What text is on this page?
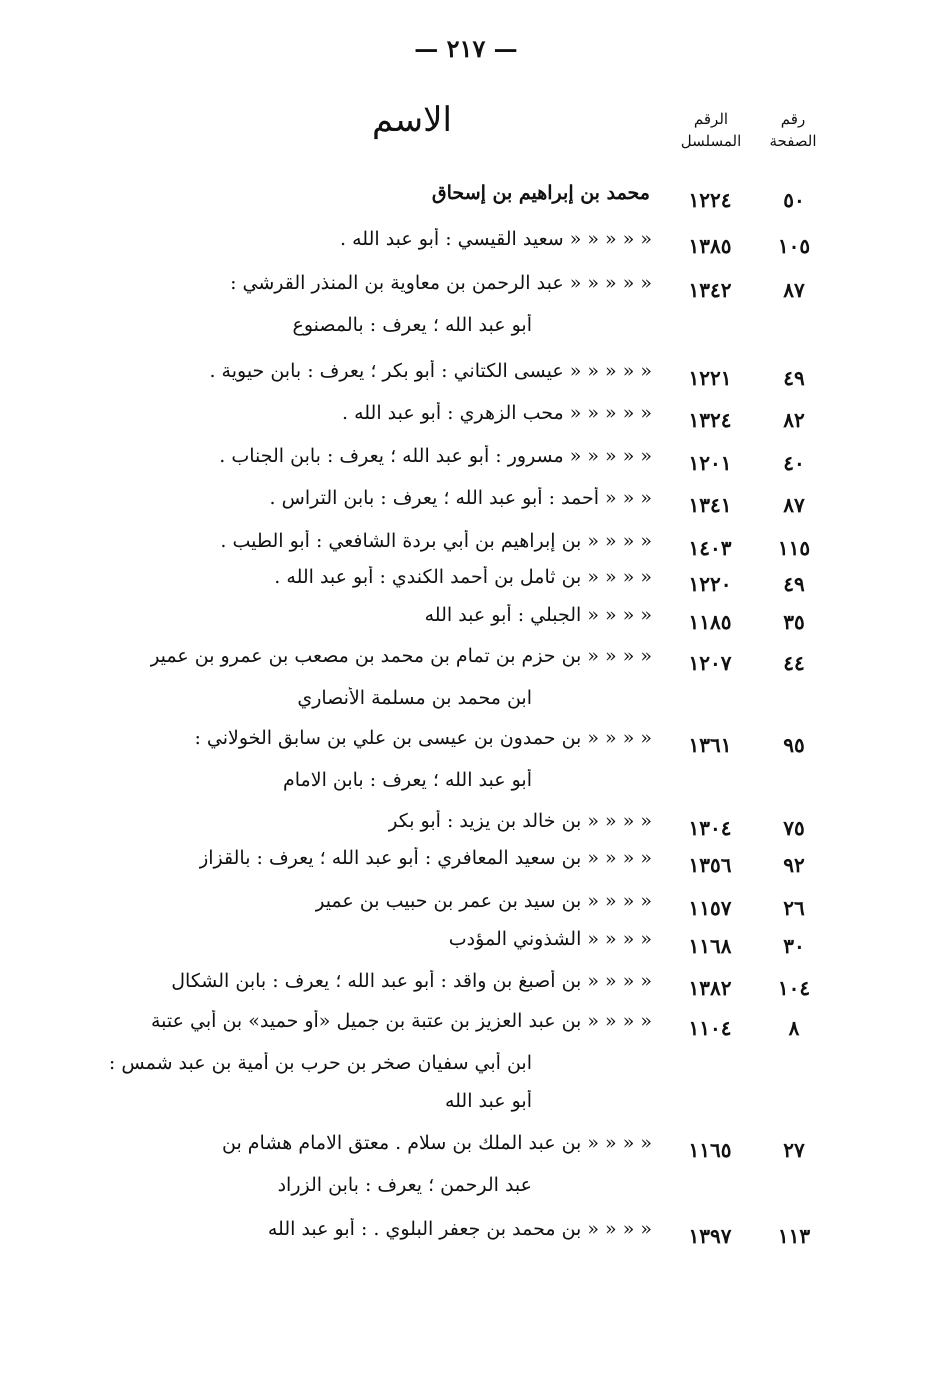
— ٢١٧ —
الاسم	الرقم المسلسل
رقم الصفحة
٥٠
١٢٢٤
محمد بن إبراهيم بن إسحاق
١٠٥
١٣٨٥
« « « « « سعيد القيسي : أبو عبد الله .
٨٧
١٣٤٢
« « « « « عبد الرحمن بن معاوية بن المنذر القرشي :
أبو عبد الله ؛ يعرف : بالمصنوع
٤٩
١٢٢١
« « « « « عيسى الكتاني : أبو بكر ؛ يعرف : بابن حيوية .
٨٢
١٣٢٤
« « « « « محب الزهري : أبو عبد الله .
٤٠
١٢٠١
« « « « « مسرور : أبو عبد الله ؛ يعرف : بابن الجناب .
٨٧
١٣٤١
« « « أحمد : أبو عبد الله ؛ يعرف : بابن التراس .
١١٥
١٤٠٣
« « « « بن إبراهيم بن أبي بردة الشافعي : أبو الطيب .
٤٩
١٢٢٠
« « « « بن ثامل بن أحمد الكندي : أبو عبد الله .
٣٥
١١٨٥
« « « « الجبلي : أبو عبد الله
٤٤
١٢٠٧
« « « « بن حزم بن تمام بن محمد بن مصعب بن عمرو بن عمير
ابن محمد بن مسلمة الأنصاري
٩٥
١٣٦١
« « « « بن حمدون بن عيسى بن علي بن سابق الخولاني :
أبو عبد الله ؛ يعرف : بابن الامام
٧٥
١٣٠٤
« « « « بن خالد بن يزيد : أبو بكر
٩٢
١٣٥٦
« « « « بن سعيد المعافري : أبو عبد الله ؛ يعرف : بالقزاز
٢٦
١١٥٧
« « « « بن سيد بن عمر بن حبيب بن عمير
٣٠
١١٦٨
« « « « الشذوني المؤدب
١٠٤
١٣٨٢
« « « « بن أصبغ بن واقد : أبو عبد الله ؛ يعرف : بابن الشكال
٨
١١٠٤
« « « « بن عبد العزيز بن عتبة بن جميل «أو حميد» بن أبي عتبة
ابن أبي سفيان صخر بن حرب بن أمية بن عبد شمس :
أبو عبد الله
٢٧
١١٦٥
« « « « بن عبد الملك بن سلام . معتق الامام هشام بن
عبد الرحمن ؛ يعرف : بابن الزراد
١١٣
١٣٩٧
« « « « بن محمد بن جعفر البلوي . : أبو عبد الله
